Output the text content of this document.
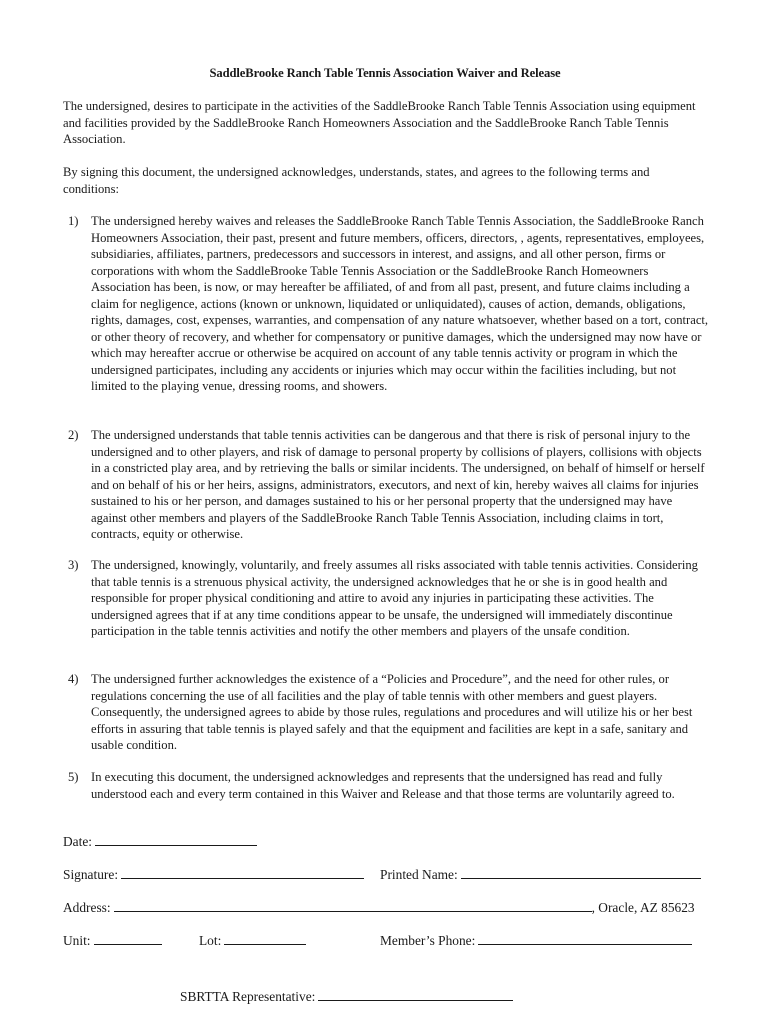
SaddleBrooke Ranch Table Tennis Association Waiver and Release

The undersigned, desires to participate in the activities of the SaddleBrooke Ranch Table Tennis Association using equipment and facilities provided by the SaddleBrooke Ranch Homeowners Association and the SaddleBrooke Ranch Table Tennis Association.

By signing this document, the undersigned acknowledges, understands, states, and agrees to the following terms and conditions:

1) The undersigned hereby waives and releases the SaddleBrooke Ranch Table Tennis Association, the SaddleBrooke Ranch Homeowners Association, their past, present and future members, officers, directors, , agents, representatives, employees, subsidiaries, affiliates, partners, predecessors and successors in interest, and assigns, and all other person, firms or corporations with whom the SaddleBrooke Table Tennis Association or the SaddleBrooke Ranch Homeowners Association has been, is now, or may hereafter be affiliated, of and from all past, present, and future claims including a claim for negligence, actions (known or unknown, liquidated or unliquidated), causes of action, demands, obligations, rights, damages, cost, expenses, warranties, and compensation of any nature whatsoever, whether based on a tort, contract, or other theory of recovery, and whether for compensatory or punitive damages, which the undersigned may now have or which may hereafter accrue or otherwise be acquired on account of any table tennis activity or program in which the undersigned participates, including any accidents or injuries which may occur within the facilities including, but not limited to the playing venue, dressing rooms, and showers.
2) The undersigned understands that table tennis activities can be dangerous and that there is risk of personal injury to the undersigned and to other players, and risk of damage to personal property by collisions of players, collisions with objects in a constricted play area, and by retrieving the balls or similar incidents. The undersigned, on behalf of himself or herself and on behalf of his or her heirs, assigns, administrators, executors, and next of kin, hereby waives all claims for injuries sustained to his or her person, and damages sustained to his or her personal property that the undersigned may have against other members and players of the SaddleBrooke Ranch Table Tennis Association, including claims in tort, contracts, equity or otherwise.
3) The undersigned, knowingly, voluntarily, and freely assumes all risks associated with table tennis activities. Considering that table tennis is a strenuous physical activity, the undersigned acknowledges that he or she is in good health and responsible for proper physical conditioning and attire to avoid any injuries in participating these activities. The undersigned agrees that if at any time conditions appear to be unsafe, the undersigned will immediately discontinue participation in the table tennis activities and notify the other members and players of the unsafe condition.
4) The undersigned further acknowledges the existence of a “Policies and Procedure”, and the need for other rules, or regulations concerning the use of all facilities and the play of table tennis with other members and guest players. Consequently, the undersigned agrees to abide by those rules, regulations and procedures and will utilize his or her best efforts in assuring that table tennis is played safely and that the equipment and facilities are kept in a safe, sanitary and usable condition.
5) In executing this document, the undersigned acknowledges and represents that the undersigned has read and fully understood each and every term contained in this Waiver and Release and that those terms are voluntarily agreed to.
Date:
Signature:	Printed Name:
Address:	, Oracle, AZ 85623
Unit:	Lot:	Member’s Phone:
SBRTTA Representative:
